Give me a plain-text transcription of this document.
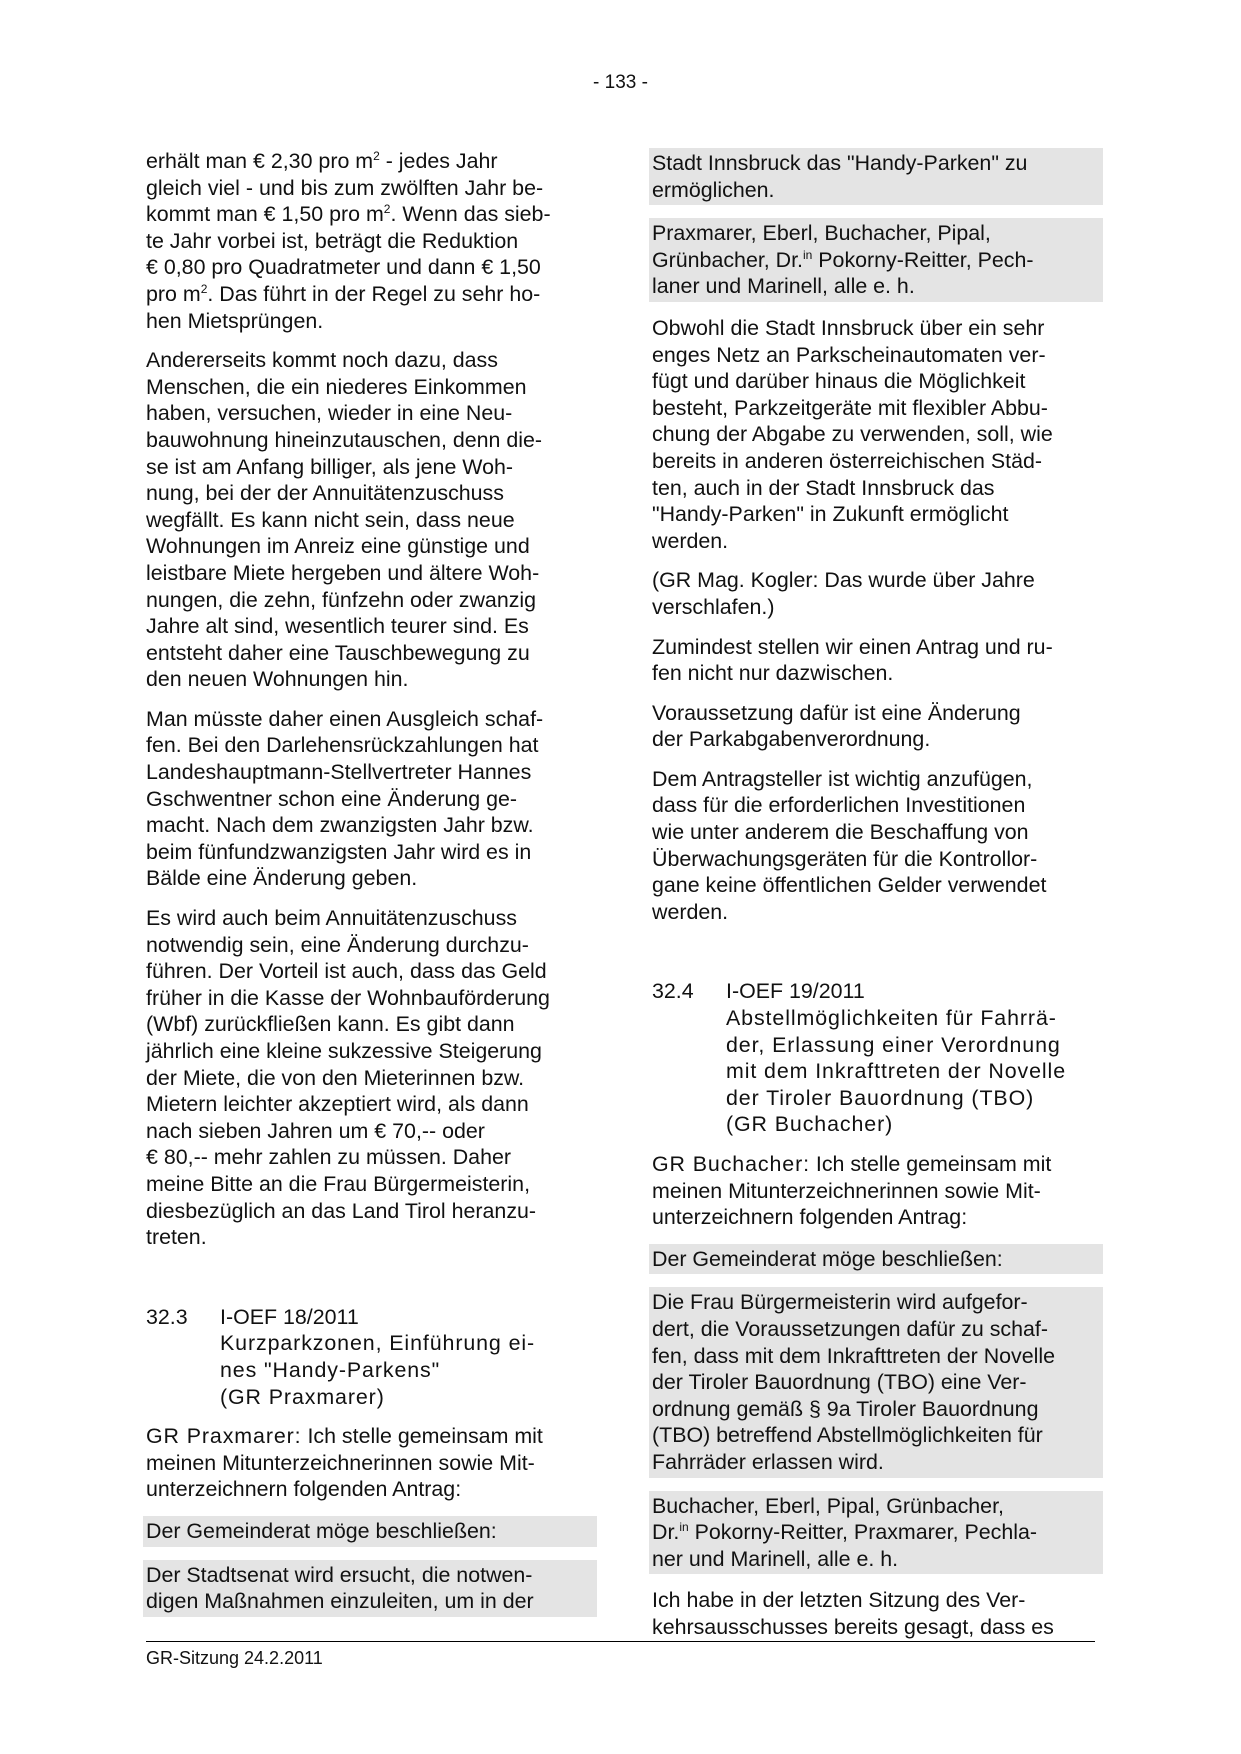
- 133 -

erhält man € 2,30 pro $m^2$ - jedes Jahr
gleich viel - und bis zum zwölften Jahr be-
kommt man € 1,50 pro $m^2$. Wenn das sieb-
te Jahr vorbei ist, beträgt die Reduktion
€ 0,80 pro Quadratmeter und dann € 1,50
pro $m^2$. Das führt in der Regel zu sehr ho-
hen Mietsprüngen.

Andererseits kommt noch dazu, dass
Menschen, die ein niederes Einkommen
haben, versuchen, wieder in eine Neu-
bauwohnung hineinzutauschen, denn die-
se ist am Anfang billiger, als jene Woh-
nung, bei der der Annuitätenzuschuss
wegfällt. Es kann nicht sein, dass neue
Wohnungen im Anreiz eine günstige und
leistbare Miete hergeben und ältere Woh-
nungen, die zehn, fünfzehn oder zwanzig
Jahre alt sind, wesentlich teurer sind. Es
entsteht daher eine Tauschbewegung zu
den neuen Wohnungen hin.

Man müsste daher einen Ausgleich schaf-
fen. Bei den Darlehensrückzahlungen hat
Landeshauptmann-Stellvertreter Hannes
Gschwentner schon eine Änderung ge-
macht. Nach dem zwanzigsten Jahr bzw.
beim fünfundzwanzigsten Jahr wird es in
Bälde eine Änderung geben.

Es wird auch beim Annuitätenzuschuss
notwendig sein, eine Änderung durchzu-
führen. Der Vorteil ist auch, dass das Geld
früher in die Kasse der Wohnbauförderung
(Wbf) zurückfließen kann. Es gibt dann
jährlich eine kleine sukzessive Steigerung
der Miete, die von den Mieterinnen bzw.
Mietern leichter akzeptiert wird, als dann
nach sieben Jahren um € 70,-- oder
€ 80,-- mehr zahlen zu müssen. Daher
meine Bitte an die Frau Bürgermeisterin,
diesbezüglich an das Land Tirol heranzu-
treten.

32.3	I-OEF 18/2011

Kurzparkzonen, Einführung ei-
nes "Handy-Parkens"
(GR Praxmarer)

GR Praxmarer: Ich stelle gemeinsam mit
meinen Mitunterzeichnerinnen sowie Mit-
unterzeichnern folgenden Antrag:

Der Gemeinderat möge beschließen:

Der Stadtsenat wird ersucht, die notwen-
digen Maßnahmen einzuleiten, um in der

Stadt Innsbruck das "Handy-Parken" zu
ermöglichen.

Praxmarer, Eberl, Buchacher, Pipal,
Grünbacher, Dr.$^{in}$ Pokorny-Reitter, Pech-
laner und Marinell, alle e. h.

Obwohl die Stadt Innsbruck über ein sehr
enges Netz an Parkscheinautomaten ver-
fügt und darüber hinaus die Möglichkeit
besteht, Parkzeitgeräte mit flexibler Abbu-
chung der Abgabe zu verwenden, soll, wie
bereits in anderen österreichischen Städ-
ten, auch in der Stadt Innsbruck das
"Handy-Parken" in Zukunft ermöglicht
werden.

(GR Mag. Kogler: Das wurde über Jahre
verschlafen.)

Zumindest stellen wir einen Antrag und ru-
fen nicht nur dazwischen.

Voraussetzung dafür ist eine Änderung
der Parkabgabenverordnung.

Dem Antragsteller ist wichtig anzufügen,
dass für die erforderlichen Investitionen
wie unter anderem die Beschaffung von
Überwachungsgeräten für die Kontrollor-
gane keine öffentlichen Gelder verwendet
werden.

32.4	I-OEF 19/2011

Abstellmöglichkeiten für Fahrrä-
der, Erlassung einer Verordnung
mit dem Inkrafttreten der Novelle
der Tiroler Bauordnung (TBO)
(GR Buchacher)

GR Buchacher: Ich stelle gemeinsam mit
meinen Mitunterzeichnerinnen sowie Mit-
unterzeichnern folgenden Antrag:

Der Gemeinderat möge beschließen:

Die Frau Bürgermeisterin wird aufgefor-
dert, die Voraussetzungen dafür zu schaf-
fen, dass mit dem Inkrafttreten der Novelle
der Tiroler Bauordnung (TBO) eine Ver-
ordnung gemäß § 9a Tiroler Bauordnung
(TBO) betreffend Abstellmöglichkeiten für
Fahrräder erlassen wird.

Buchacher, Eberl, Pipal, Grünbacher,
Dr.$^{in}$ Pokorny-Reitter, Praxmarer, Pechla-
ner und Marinell, alle e. h.

Ich habe in der letzten Sitzung des Ver-
kehrsausschusses bereits gesagt, dass es

GR-Sitzung 24.2.2011
